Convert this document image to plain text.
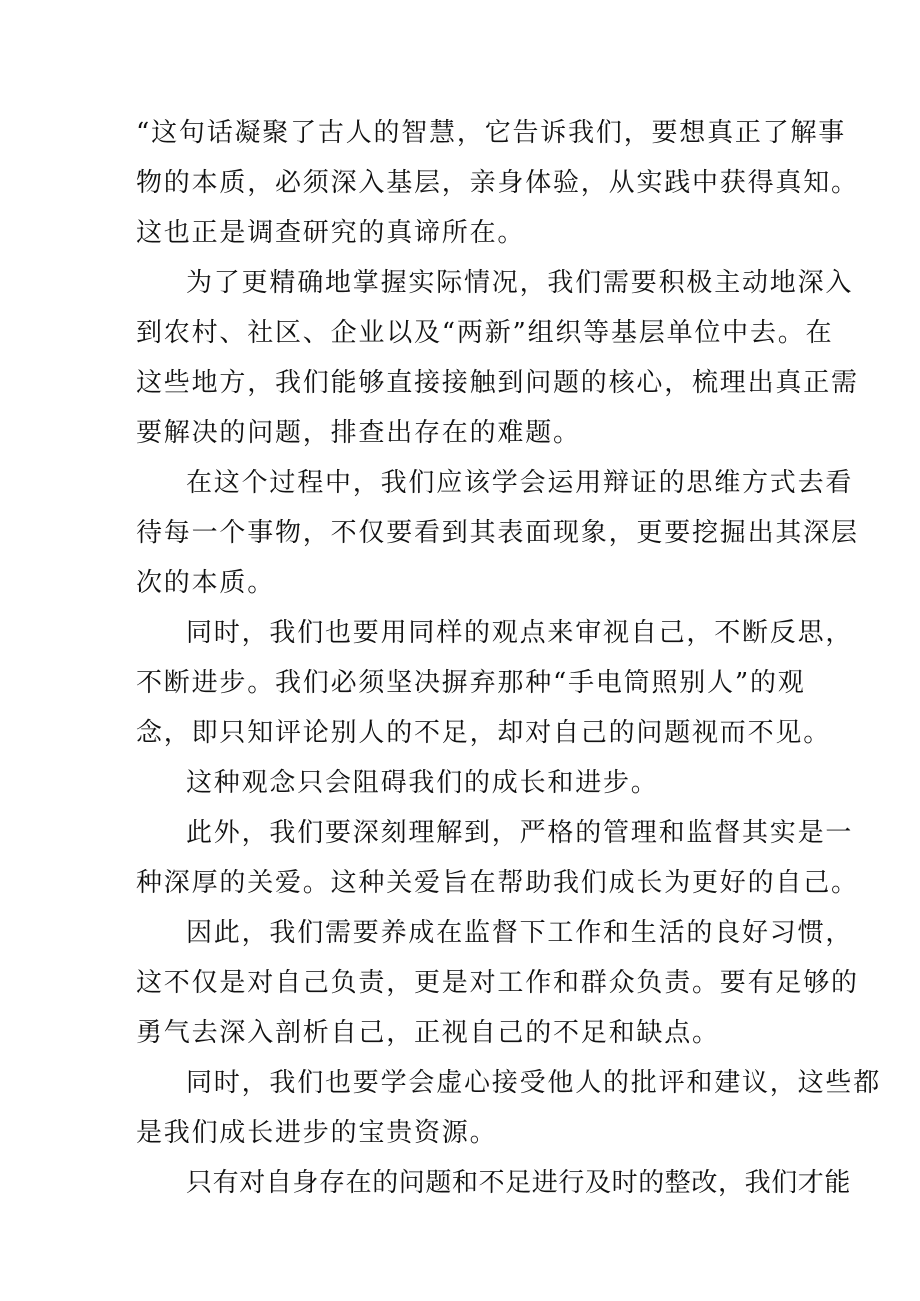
“这句话凝聚了古人的智慧，它告诉我们，要想真正了解事
物的本质，必须深入基层，亲身体验，从实践中获得真知。
这也正是调查研究的真谛所在。
为了更精确地掌握实际情况，我们需要积极主动地深入
到农村、社区、企业以及“两新”组织等基层单位中去。在
这些地方，我们能够直接接触到问题的核心，梳理出真正需
要解决的问题，排查出存在的难题。
在这个过程中，我们应该学会运用辩证的思维方式去看
待每一个事物，不仅要看到其表面现象，更要挖掘出其深层
次的本质。
同时，我们也要用同样的观点来审视自己，不断反思，
不断进步。我们必须坚决摒弃那种“手电筒照别人”的观
念，即只知评论别人的不足，却对自己的问题视而不见。
这种观念只会阻碍我们的成长和进步。
此外，我们要深刻理解到，严格的管理和监督其实是一
种深厚的关爱。这种关爱旨在帮助我们成长为更好的自己。
因此，我们需要养成在监督下工作和生活的良好习惯，
这不仅是对自己负责，更是对工作和群众负责。要有足够的
勇气去深入剖析自己，正视自己的不足和缺点。
同时，我们也要学会虚心接受他人的批评和建议，这些都
是我们成长进步的宝贵资源。
只有对自身存在的问题和不足进行及时的整改，我们才能
